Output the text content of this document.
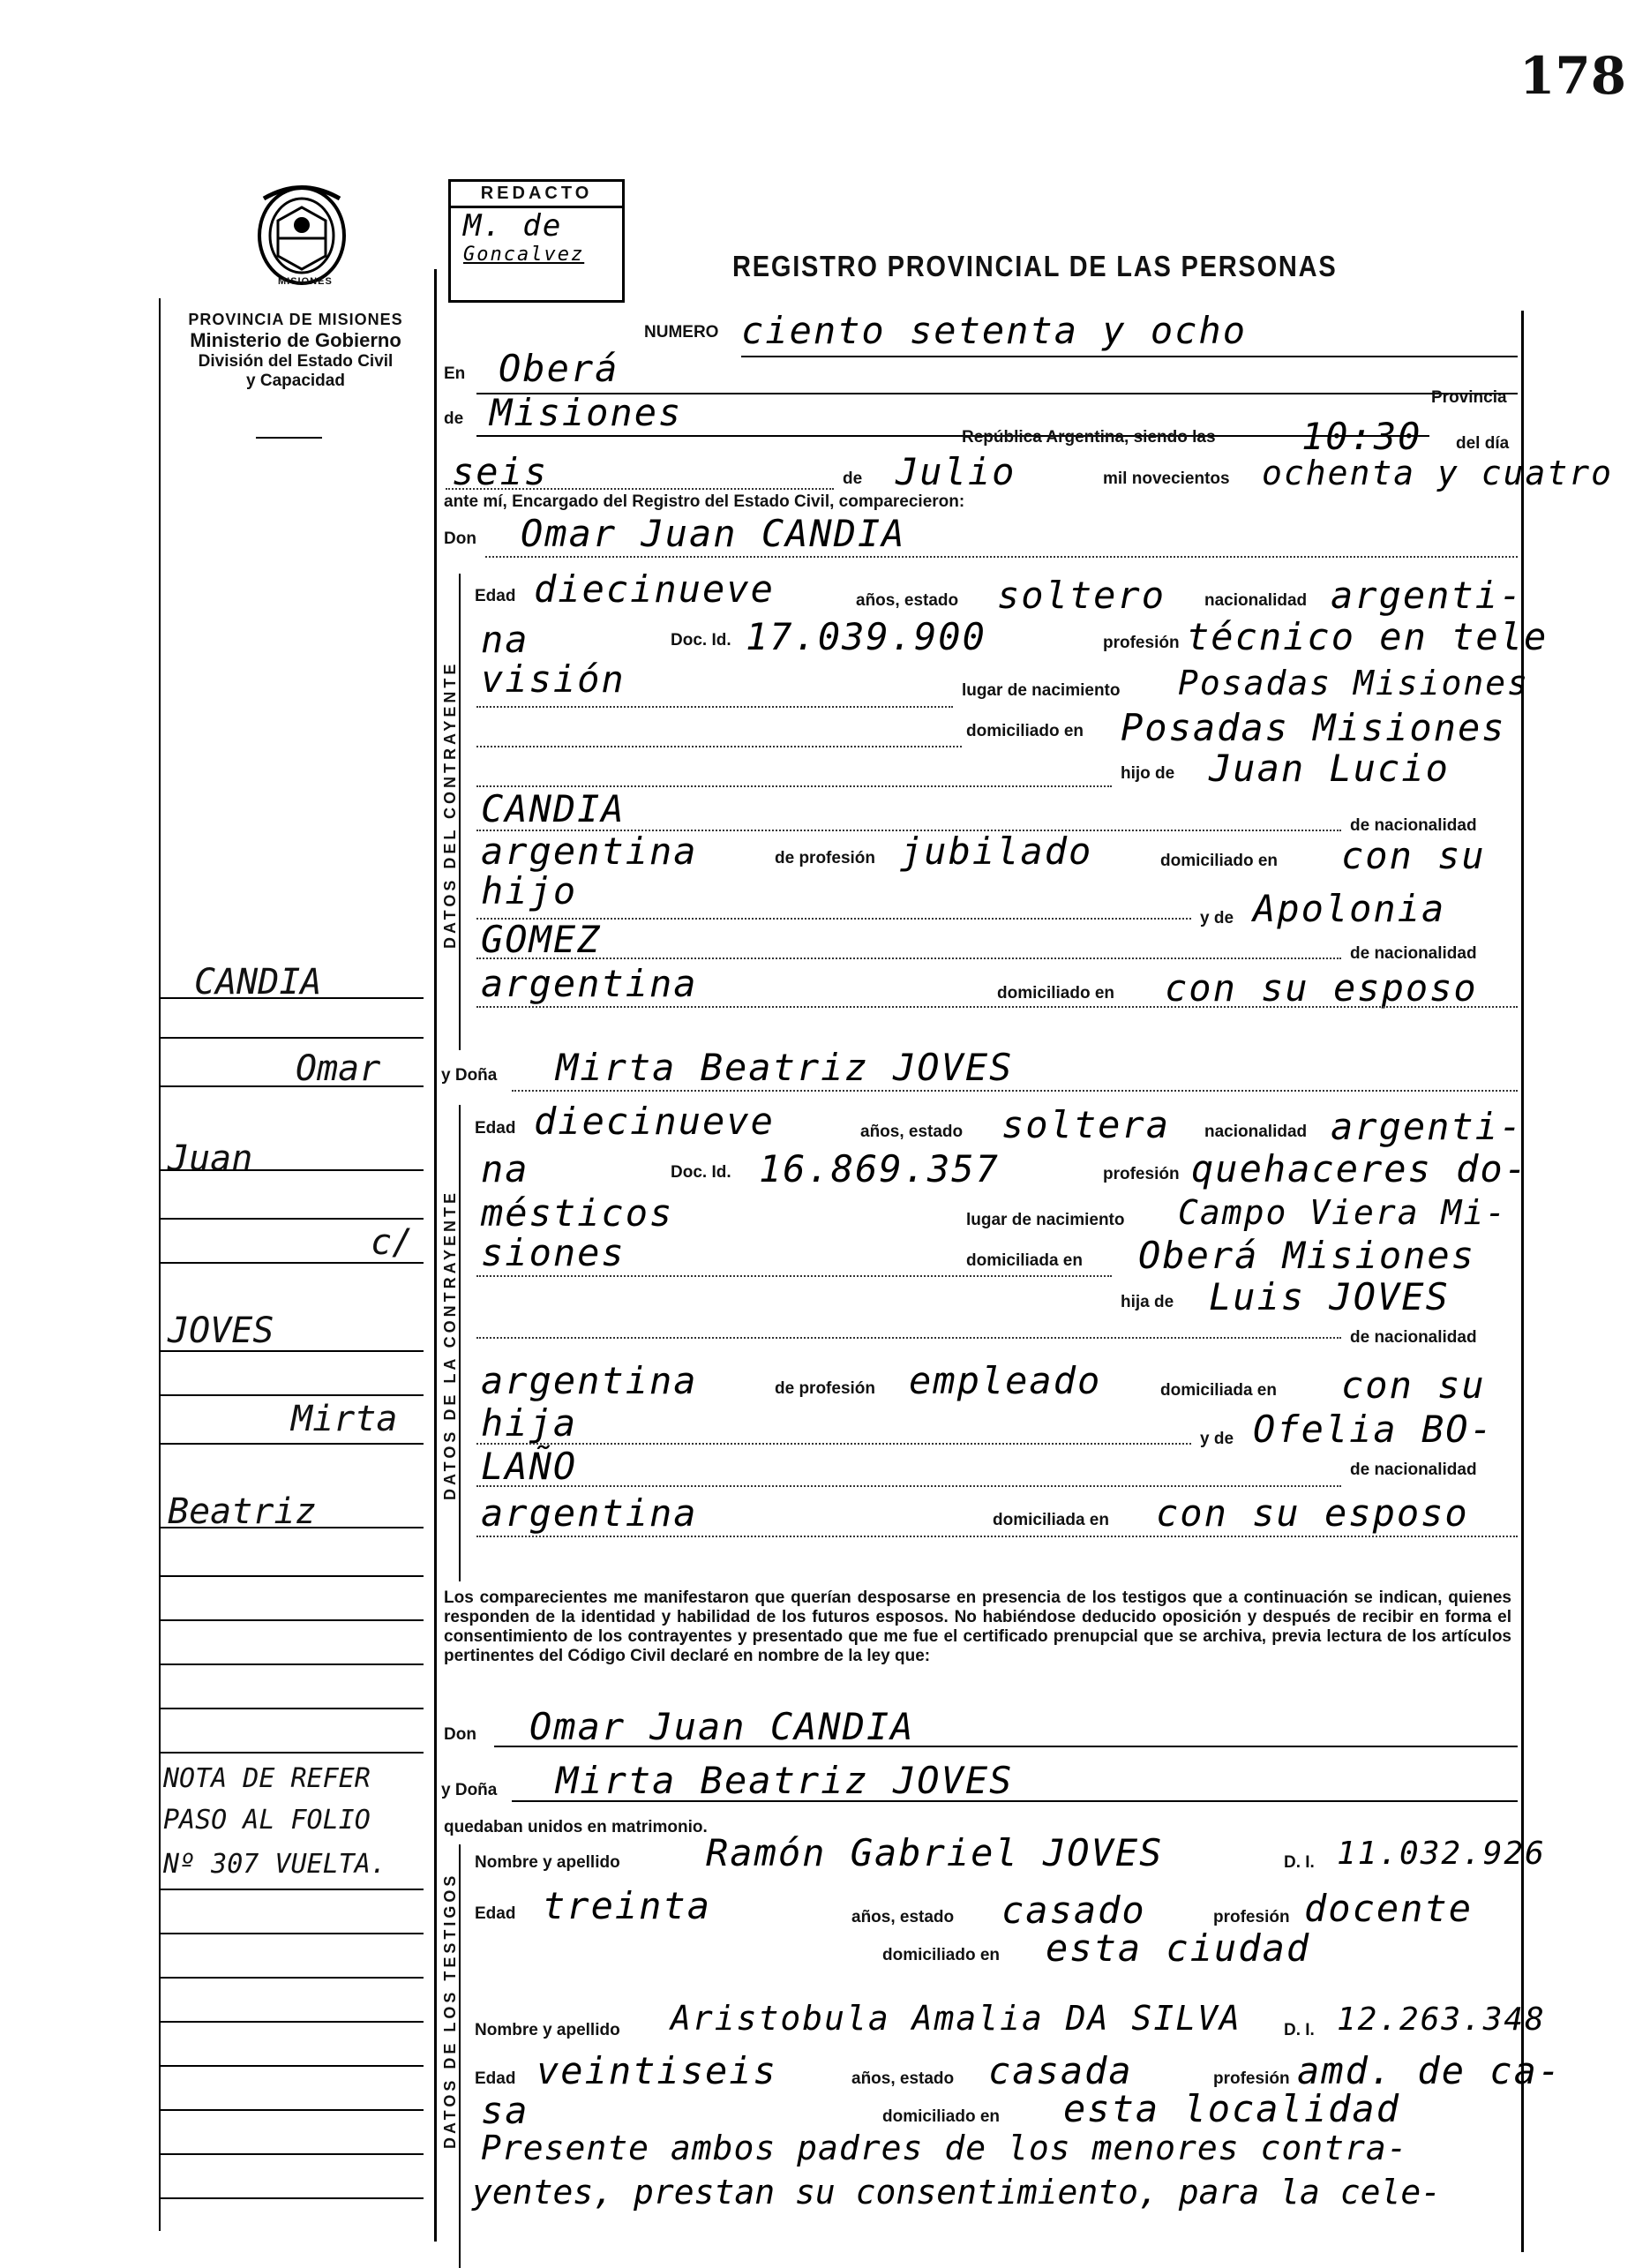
178
MISIONES
PROVINCIA DE MISIONES
Ministerio de Gobierno
División del Estado Civil
y Capacidad
REDACTO
M. de
Goncalvez	REGISTRO PROVINCIAL DE LAS PERSONAS
NUMERO ciento setenta y ocho
En Oberá
de Misiones	Provincia
República Argentina, siendo las 10:30 del día
seis	de Julio	mil novecientos ochenta y cuatro
ante mí, Encargado del Registro del Estado Civil, comparecieron:
Don Omar Juan CANDIA
DATOS DEL CONTRAYENTE
Edad diecinueve	años, estado soltero nacionalidad argenti-
na	Doc. Id. 17.039.900	profesión técnico en tele
visión	lugar de nacimiento Posadas Misiones
domiciliado en Posadas Misiones
hijo de Juan Lucio
CANDIA	de nacionalidad
argentina	de profesión jubilado	domiciliado en con su
hijo
y de Apolonia
GOMEZ	de nacionalidad
argentina	domiciliado en con su esposo
y Doña Mirta Beatriz JOVES
DATOS DE LA CONTRAYENTE
Edad diecinueve	años, estado soltera nacionalidad argenti-
na	Doc. Id. 16.869.357	profesión quehaceres do-
mésticos	lugar de nacimiento Campo Viera Mi-
siones	domiciliada en Oberá Misiones
hija de Luis JOVES
de nacionalidad
argentina	de profesión empleado	domiciliada en con su
hija	y de Ofelia BO-
LAÑO	de nacionalidad
argentina	domiciliada en con su esposo
Los comparecientes me manifestaron que querían desposarse en presencia de los testigos que a continuación se indican, quienes responden de la identidad y habilidad de los futuros esposos. No habiéndose deducido oposición y después de recibir en forma el consentimiento de los contrayentes y presentado que me fue el certificado prenupcial que se archiva, previa lectura de los artículos pertinentes del Código Civil declaré en nombre de la ley que:
Don Omar Juan CANDIA
y Doña Mirta Beatriz JOVES
quedaban unidos en matrimonio.
DATOS DE LOS TESTIGOS
Nombre y apellido Ramón Gabriel JOVES	D. I. 11.032.926
Edad treinta	años, estado casado	profesión docente
domiciliado en esta ciudad
Nombre y apellido Aristobula Amalia DA SILVA	D. I. 12.263.348
Edad veintiseis	años, estado casada	profesión amd. de ca-
sa	domiciliado en esta localidad
Presente ambos padres de los menores contra-
yentes, prestan su consentimiento, para la cele-
CANDIA
Omar
Juan
c/
JOVES
Mirta
Beatriz
NOTA DE REFER
PASO AL FOLIO
Nº 307 VUELTA.
